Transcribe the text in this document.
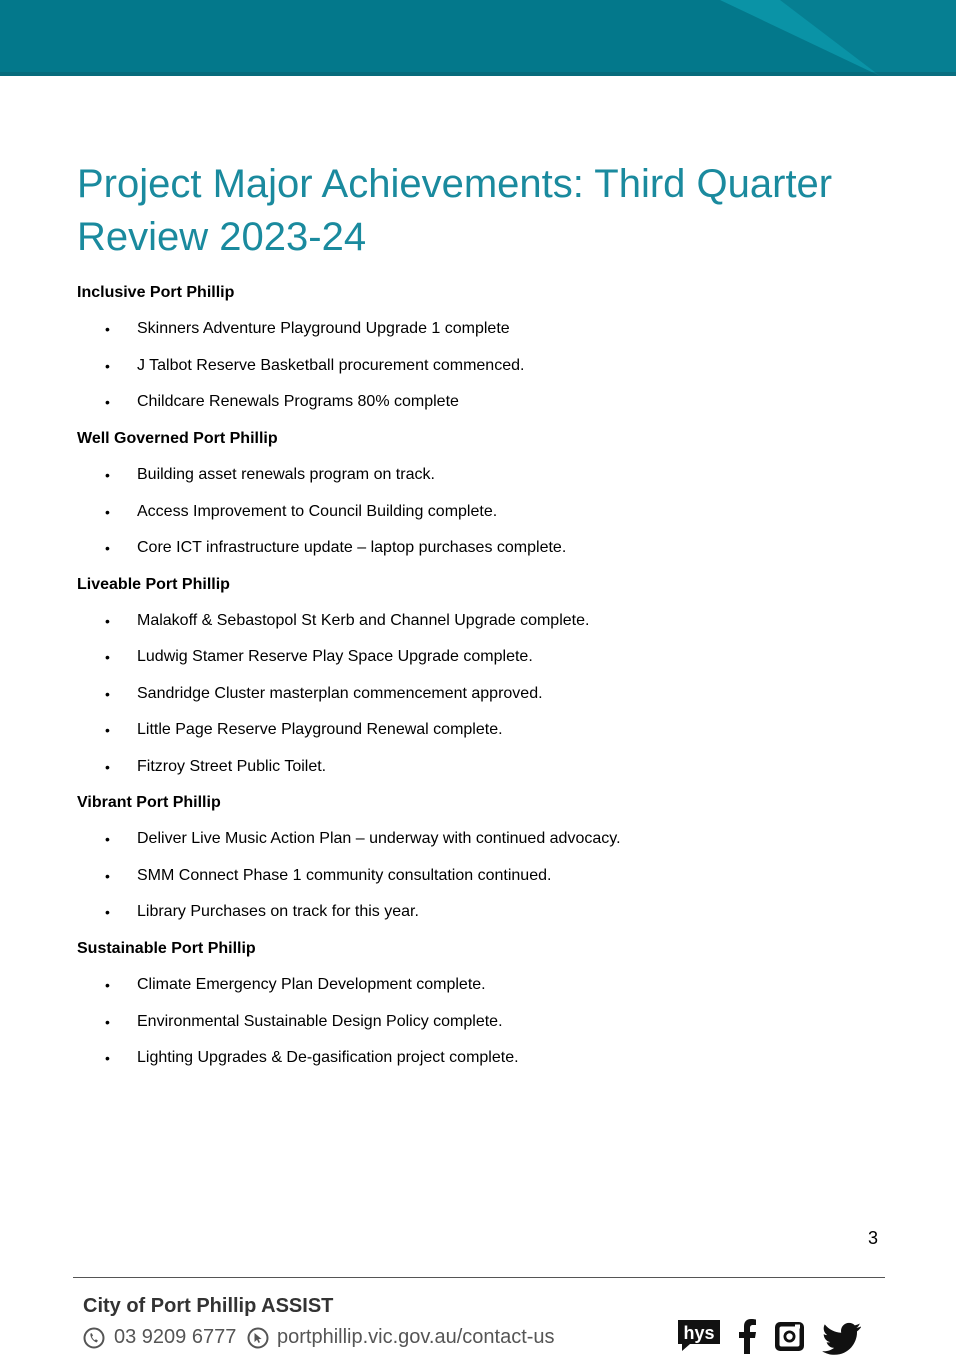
Project Major Achievements: Third Quarter
Review 2023-24
Inclusive Port Phillip
Well Governed Port Phillip
Liveable Port Phillip
Vibrant Port Phillip
Sustainable Port Phillip
• Skinners Adventure Playground Upgrade 1 complete
• J Talbot Reserve Basketball procurement commenced.
• Childcare Renewals Programs 80% complete
• Building asset renewals program on track.
• Access Improvement to Council Building complete.
• Core ICT infrastructure update – laptop purchases complete.
• Malakoff & Sebastopol St Kerb and Channel Upgrade complete.
• Ludwig Stamer Reserve Play Space Upgrade complete.
• Sandridge Cluster masterplan commencement approved.
• Little Page Reserve Playground Renewal complete.
• Fitzroy Street Public Toilet.
• Deliver Live Music Action Plan – underway with continued advocacy.
• SMM Connect Phase 1 community consultation continued.
• Library Purchases on track for this year.
• Climate Emergency Plan Development complete.
• Environmental Sustainable Design Policy complete.
• Lighting Upgrades & De-gasification project complete.
3
City of Port Phillip ASSIST
03 9209 6777 portphillip.vic.gov.au/contact-us	hys
